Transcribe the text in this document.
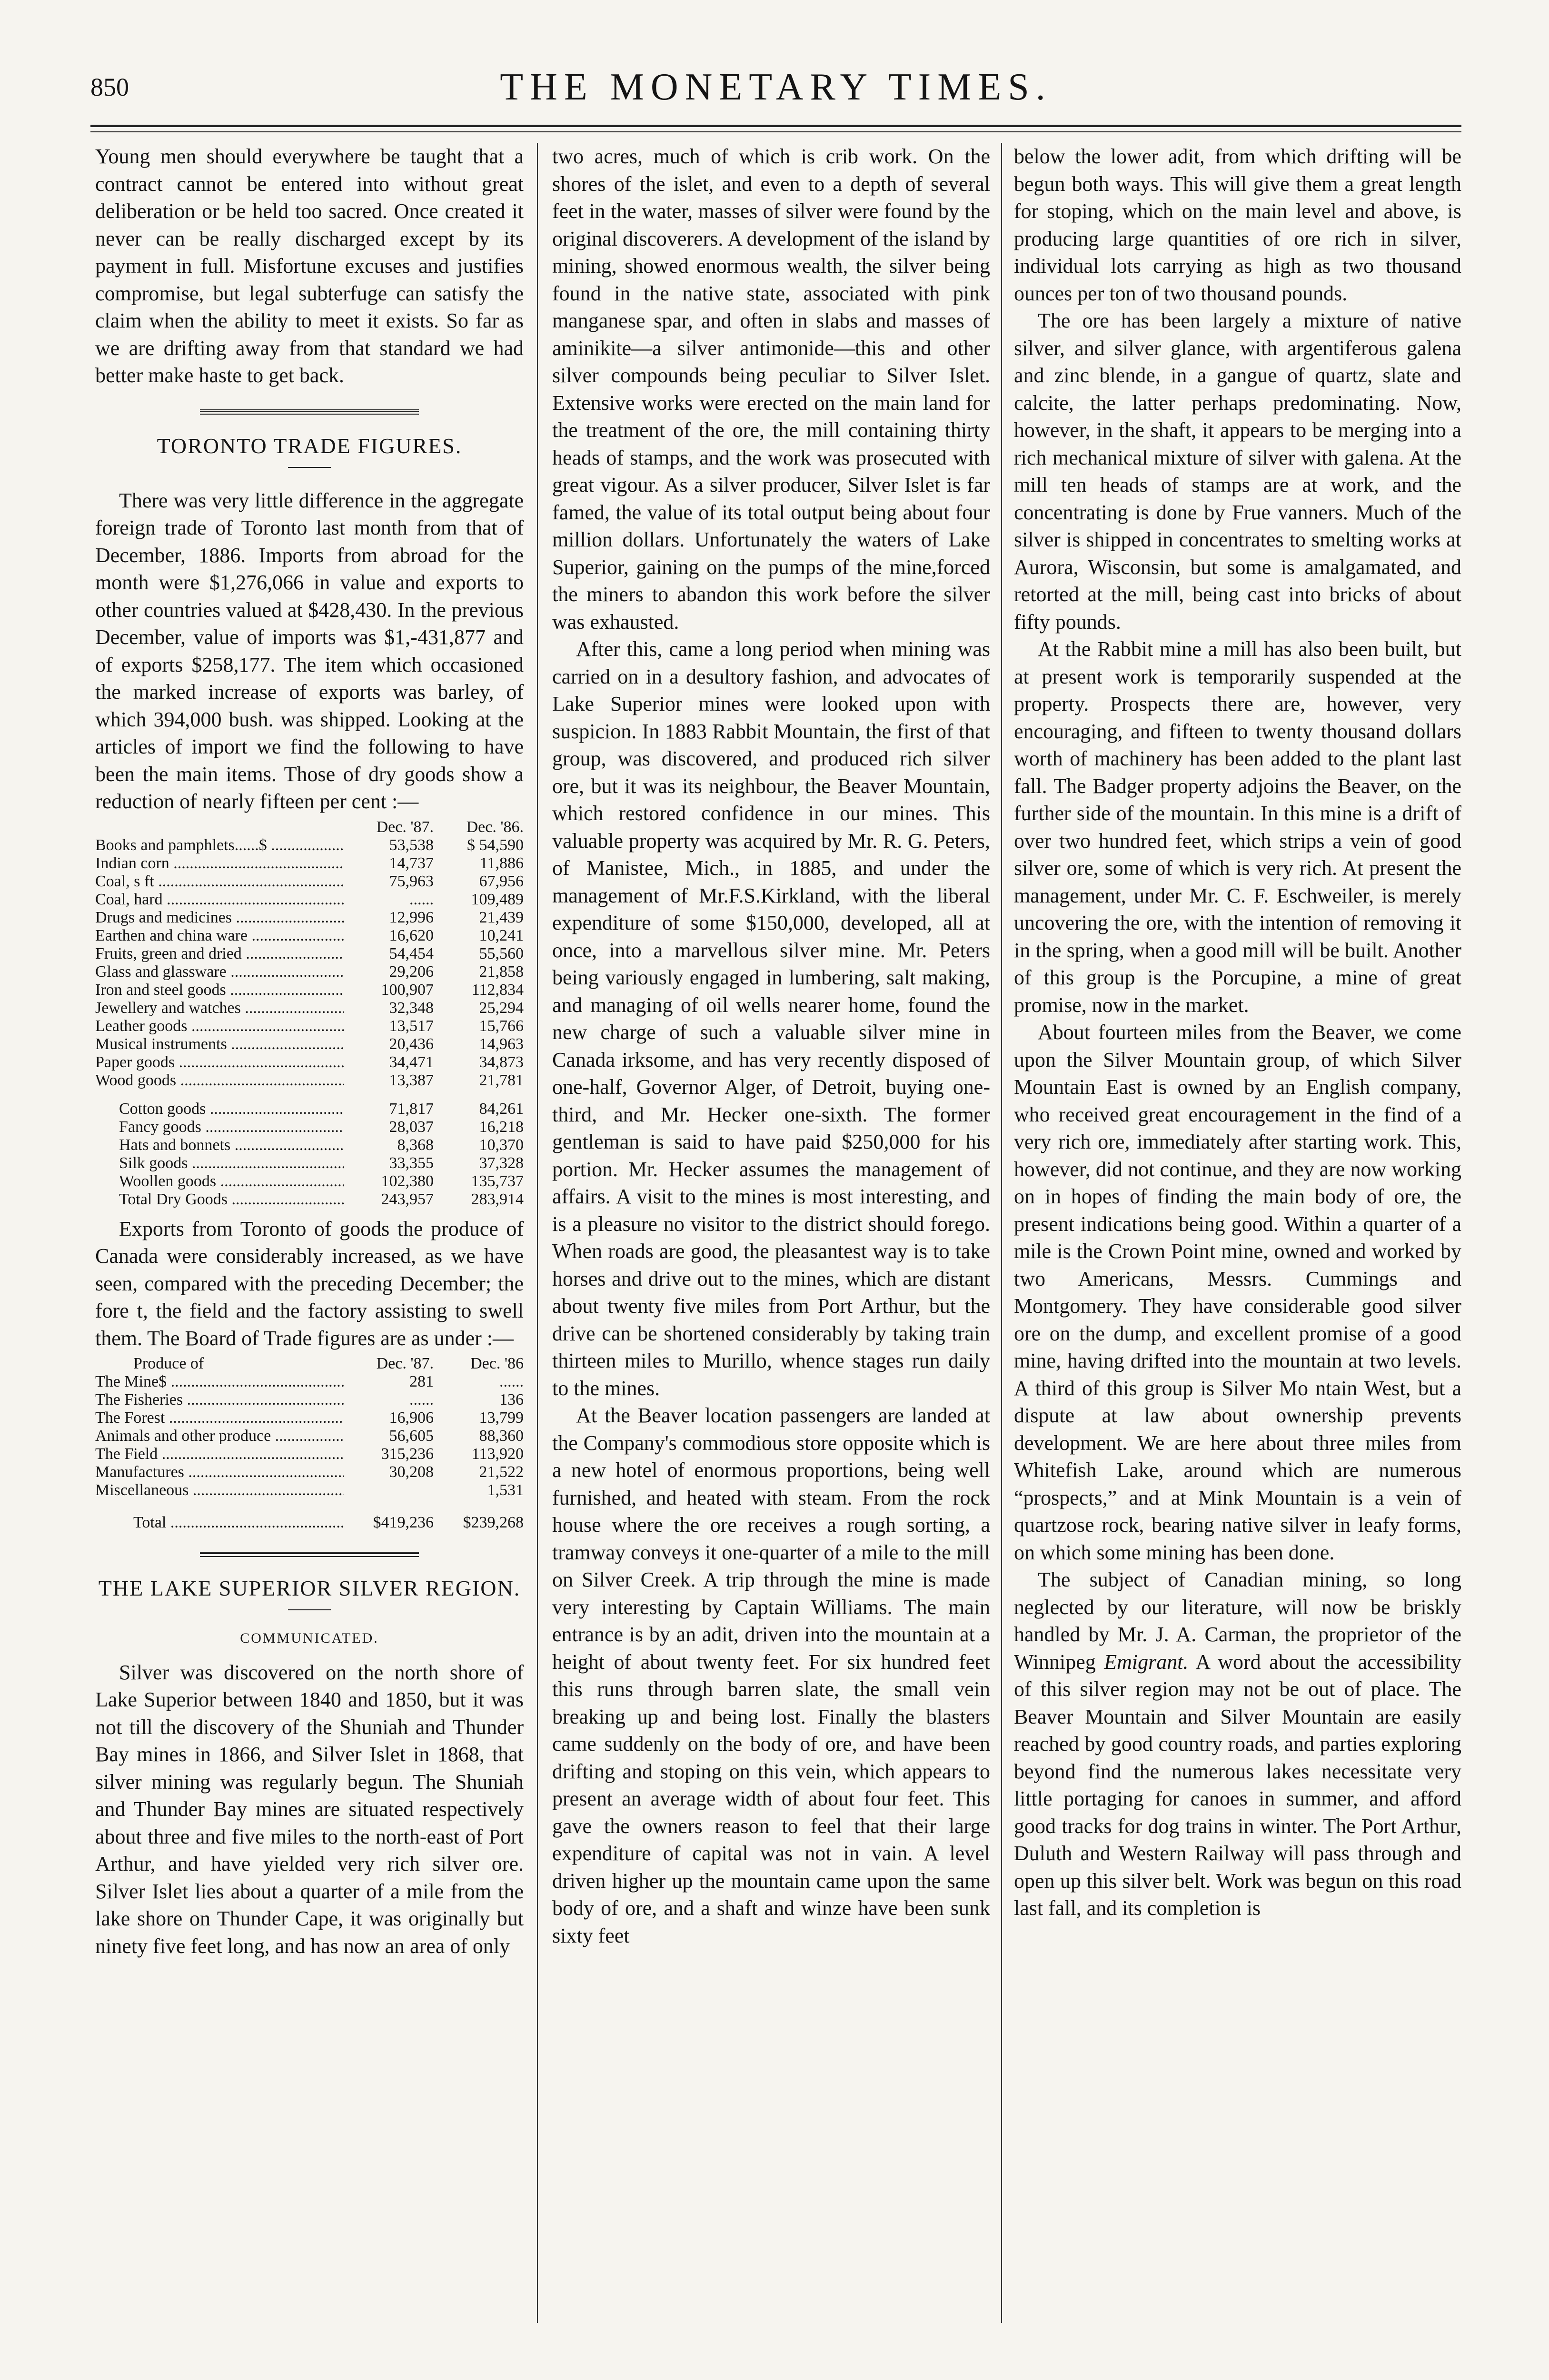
850	THE MONETARY TIMES.

Young men should everywhere be taught that a contract cannot be entered into without great deliberation or be held too sacred. Once created it never can be really discharged except by its payment in full. Misfortune excuses and justifies compromise, but legal subterfuge can satisfy the claim when the ability to meet it exists. So far as we are drifting away from that standard we had better make haste to get back.

TORONTO TRADE FIGURES.

There was very little difference in the aggregate foreign trade of Toronto last month from that of December, 1886. Imports from abroad for the month were $1,276,066 in value and exports to other countries valued at $428,430. In the previous December, value of imports was $1,-431,877 and of exports $258,177. The item which occasioned the marked increase of exports was barley, of which 394,000 bush. was shipped. Looking at the articles of import we find the following to have been the main items. Those of dry goods show a reduction of nearly fifteen per cent :—

	Dec. '87.	Dec. '86.
Books and pamphlets......$ .....	53,538	$ 54,590
Indian corn .....	14,737	11,886
Coal, s ft .....	75,963	67,956
Coal, hard .....	......	109,489
Drugs and medicines .....	12,996	21,439
Earthen and china ware .....	16,620	10,241
Fruits, green and dried .....	54,454	55,560
Glass and glassware .....	29,206	21,858
Iron and steel goods .....	100,907	112,834
Jewellery and watches .....	32,348	25,294
Leather goods .....	13,517	15,766
Musical instruments .....	20,436	14,963
Paper goods .....	34,471	34,873
Wood goods .....	13,387	21,781
Cotton goods .....	71,817	84,261
Fancy goods .....	28,037	16,218
Hats and bonnets .....	8,368	10,370
Silk goods .....	33,355	37,328
Woollen goods .....	102,380	135,737
Total Dry Goods .....	243,957	283,914

Exports from Toronto of goods the produce of Canada were considerably increased, as we have seen, compared with the preceding December; the fore t, the field and the factory assisting to swell them. The Board of Trade figures are as under :—

Produce of	Dec. '87.	Dec. '86
The Mine$ .....	281	......
The Fisheries .....	......	136
The Forest .....	16,906	13,799
Animals and other produce .....	56,605	88,360
The Field .....	315,236	113,920
Manufactures .....	30,208	21,522
Miscellaneous .....		1,531
Total .....	$419,236	$239,268
THE LAKE SUPERIOR SILVER REGION.
COMMUNICATED.

Silver was discovered on the north shore of Lake Superior between 1840 and 1850, but it was not till the discovery of the Shuniah and Thunder Bay mines in 1866, and Silver Islet in 1868, that silver mining was regularly begun. The Shuniah and Thunder Bay mines are situated respectively about three and five miles to the north-east of Port Arthur, and have yielded very rich silver ore. Silver Islet lies about a quarter of a mile from the lake shore on Thunder Cape, it was originally but ninety five feet long, and has now an area of only

two acres, much of which is crib work. On the shores of the islet, and even to a depth of several feet in the water, masses of silver were found by the original discoverers. A development of the island by mining, showed enormous wealth, the silver being found in the native state, associated with pink manganese spar, and often in slabs and masses of aminikite—a silver antimonide—this and other silver compounds being peculiar to Silver Islet. Extensive works were erected on the main land for the treatment of the ore, the mill containing thirty heads of stamps, and the work was prosecuted with great vigour. As a silver producer, Silver Islet is far famed, the value of its total output being about four million dollars. Unfortunately the waters of Lake Superior, gaining on the pumps of the mine,forced the miners to abandon this work before the silver was exhausted.

After this, came a long period when mining was carried on in a desultory fashion, and advocates of Lake Superior mines were looked upon with suspicion. In 1883 Rabbit Mountain, the first of that group, was discovered, and produced rich silver ore, but it was its neighbour, the Beaver Mountain, which restored confidence in our mines. This valuable property was acquired by Mr. R. G. Peters, of Manistee, Mich., in 1885, and under the management of Mr.F.S.Kirkland, with the liberal expenditure of some $150,000, developed, all at once, into a marvellous silver mine. Mr. Peters being variously engaged in lumbering, salt making, and managing of oil wells nearer home, found the new charge of such a valuable silver mine in Canada irksome, and has very recently disposed of one-half, Governor Alger, of Detroit, buying one-third, and Mr. Hecker one-sixth. The former gentleman is said to have paid $250,000 for his portion. Mr. Hecker assumes the management of affairs. A visit to the mines is most interesting, and is a pleasure no visitor to the district should forego. When roads are good, the pleasantest way is to take horses and drive out to the mines, which are distant about twenty five miles from Port Arthur, but the drive can be shortened considerably by taking train thirteen miles to Murillo, whence stages run daily to the mines.

At the Beaver location passengers are landed at the Company's commodious store opposite which is a new hotel of enormous proportions, being well furnished, and heated with steam. From the rock house where the ore receives a rough sorting, a tramway conveys it one-quarter of a mile to the mill on Silver Creek. A trip through the mine is made very interesting by Captain Williams. The main entrance is by an adit, driven into the mountain at a height of about twenty feet. For six hundred feet this runs through barren slate, the small vein breaking up and being lost. Finally the blasters came suddenly on the body of ore, and have been drifting and stoping on this vein, which appears to present an average width of about four feet. This gave the owners reason to feel that their large expenditure of capital was not in vain. A level driven higher up the mountain came upon the same body of ore, and a shaft and winze have been sunk sixty feet

below the lower adit, from which drifting will be begun both ways. This will give them a great length for stoping, which on the main level and above, is producing large quantities of ore rich in silver, individual lots carrying as high as two thousand ounces per ton of two thousand pounds.

The ore has been largely a mixture of native silver, and silver glance, with argentiferous galena and zinc blende, in a gangue of quartz, slate and calcite, the latter perhaps predominating. Now, however, in the shaft, it appears to be merging into a rich mechanical mixture of silver with galena. At the mill ten heads of stamps are at work, and the concentrating is done by Frue vanners. Much of the silver is shipped in concentrates to smelting works at Aurora, Wisconsin, but some is amalgamated, and retorted at the mill, being cast into bricks of about fifty pounds.

At the Rabbit mine a mill has also been built, but at present work is temporarily suspended at the property. Prospects there are, however, very encouraging, and fifteen to twenty thousand dollars worth of machinery has been added to the plant last fall. The Badger property adjoins the Beaver, on the further side of the mountain. In this mine is a drift of over two hundred feet, which strips a vein of good silver ore, some of which is very rich. At present the management, under Mr. C. F. Eschweiler, is merely uncovering the ore, with the intention of removing it in the spring, when a good mill will be built. Another of this group is the Porcupine, a mine of great promise, now in the market.

About fourteen miles from the Beaver, we come upon the Silver Mountain group, of which Silver Mountain East is owned by an English company, who received great encouragement in the find of a very rich ore, immediately after starting work. This, however, did not continue, and they are now working on in hopes of finding the main body of ore, the present indications being good. Within a quarter of a mile is the Crown Point mine, owned and worked by two Americans, Messrs. Cummings and Montgomery. They have considerable good silver ore on the dump, and excellent promise of a good mine, having drifted into the mountain at two levels. A third of this group is Silver Mo ntain West, but a dispute at law about ownership prevents development. We are here about three miles from Whitefish Lake, around which are numerous “prospects,” and at Mink Mountain is a vein of quartzose rock, bearing native silver in leafy forms, on which some mining has been done.

The subject of Canadian mining, so long neglected by our literature, will now be briskly handled by Mr. J. A. Carman, the proprietor of the Winnipeg Emigrant. A word about the accessibility of this silver region may not be out of place. The Beaver Mountain and Silver Mountain are easily reached by good country roads, and parties exploring beyond find the numerous lakes necessitate very little portaging for canoes in summer, and afford good tracks for dog trains in winter. The Port Arthur, Duluth and Western Railway will pass through and open up this silver belt. Work was begun on this road last fall, and its completion is
